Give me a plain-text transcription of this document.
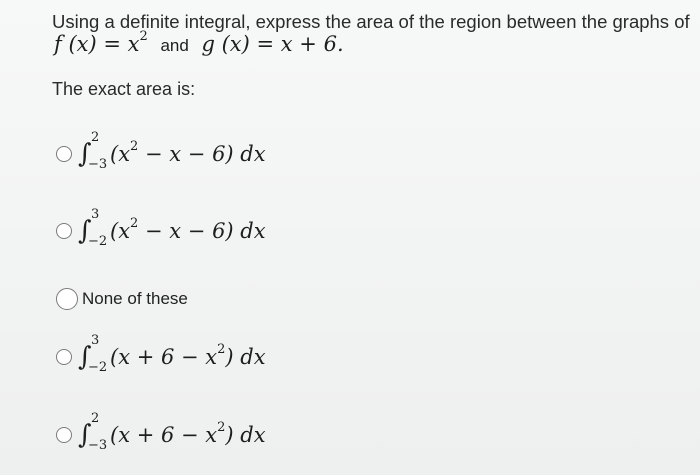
Using a definite integral, express the area of the region between the graphs of
f $(x) = x^2$ and g (x) = x + 6.
The exact area is:
∫
2
−3 $(x^2 - x - 6)$ dx
∫
3
−2 $(x^2 - x - 6)$ dx
None of these
∫
3
−2 $(x + 6 - x^2)$ dx
∫
2
−3 $(x + 6 - x^2)$ dx
